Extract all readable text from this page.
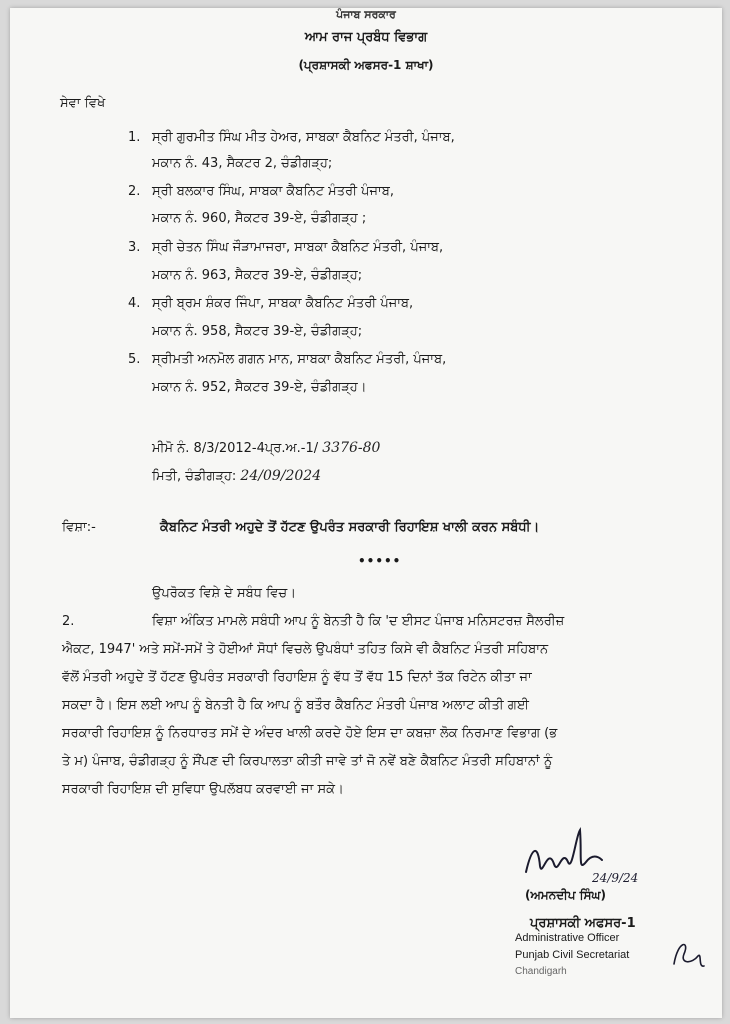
ਪੰਜਾਬ ਸਰਕਾਰ
ਆਮ ਰਾਜ ਪ੍ਰਬੰਧ ਵਿਭਾਗ
(ਪ੍ਰਸ਼ਾਸਕੀ ਅਫਸਰ-1 ਸ਼ਾਖਾ)
ਸੇਵਾ ਵਿਖੇ
1. ਸ੍ਰੀ ਗੁਰਮੀਤ ਸਿੰਘ ਮੀਤ ਹੇਅਰ, ਸਾਬਕਾ ਕੈਬਨਿਟ ਮੰਤਰੀ, ਪੰਜਾਬ,
ਮਕਾਨ ਨੰ. 43, ਸੈਕਟਰ 2, ਚੰਡੀਗੜ੍ਹ;
2. ਸ੍ਰੀ ਬਲਕਾਰ ਸਿੰਘ, ਸਾਬਕਾ ਕੈਬਨਿਟ ਮੰਤਰੀ ਪੰਜਾਬ,
ਮਕਾਨ ਨੰ. 960, ਸੈਕਟਰ 39-ਏ, ਚੰਡੀਗੜ੍ਹ ;
3. ਸ੍ਰੀ ਚੇਤਨ ਸਿੰਘ ਜੌੜਾਮਾਜਰਾ, ਸਾਬਕਾ ਕੈਬਨਿਟ ਮੰਤਰੀ, ਪੰਜਾਬ,
ਮਕਾਨ ਨੰ. 963, ਸੈਕਟਰ 39-ਏ, ਚੰਡੀਗੜ੍ਹ;
4. ਸ੍ਰੀ ਬ੍ਰਮ ਸ਼ੰਕਰ ਜਿੰਪਾ, ਸਾਬਕਾ ਕੈਬਨਿਟ ਮੰਤਰੀ ਪੰਜਾਬ,
ਮਕਾਨ ਨੰ. 958, ਸੈਕਟਰ 39-ਏ, ਚੰਡੀਗੜ੍ਹ;
5. ਸ੍ਰੀਮਤੀ ਅਨਮੋਲ ਗਗਨ ਮਾਨ, ਸਾਬਕਾ ਕੈਬਨਿਟ ਮੰਤਰੀ, ਪੰਜਾਬ,
ਮਕਾਨ ਨੰ. 952, ਸੈਕਟਰ 39-ਏ, ਚੰਡੀਗੜ੍ਹ।
ਮੀਮੋ ਨੰ. 8/3/2012-4ਪ੍ਰ.ਅ.-1/ 3376-80
ਮਿਤੀ, ਚੰਡੀਗੜ੍ਹ: 24/09/2024
ਵਿਸ਼ਾ:-	ਕੈਬਨਿਟ ਮੰਤਰੀ ਅਹੁਦੇ ਤੋਂ ਹੱਟਣ ਉਪਰੰਤ ਸਰਕਾਰੀ ਰਿਹਾਇਸ਼ ਖਾਲੀ ਕਰਨ ਸਬੰਧੀ।
•••••
ਉਪਰੋਕਤ ਵਿਸ਼ੇ ਦੇ ਸਬੰਧ ਵਿਚ।
2.	ਵਿਸ਼ਾ ਅੰਕਿਤ ਮਾਮਲੇ ਸਬੰਧੀ ਆਪ ਨੂੰ ਬੇਨਤੀ ਹੈ ਕਿ 'ਦ ਈਸਟ ਪੰਜਾਬ ਮਨਿਸਟਰਜ਼ ਸੈਲਰੀਜ਼
ਐਕਟ, 1947' ਅਤੇ ਸਮੇਂ-ਸਮੇਂ ਤੇ ਹੋਈਆਂ ਸੋਧਾਂ ਵਿਚਲੇ ਉਪਬੰਧਾਂ ਤਹਿਤ ਕਿਸੇ ਵੀ ਕੈਬਨਿਟ ਮੰਤਰੀ ਸਹਿਬਾਨ
ਵੱਲੋਂ ਮੰਤਰੀ ਅਹੁਦੇ ਤੋਂ ਹੱਟਣ ਉਪਰੰਤ ਸਰਕਾਰੀ ਰਿਹਾਇਸ਼ ਨੂੰ ਵੱਧ ਤੋਂ ਵੱਧ 15 ਦਿਨਾਂ ਤੱਕ ਰਿਟੇਨ ਕੀਤਾ ਜਾ
ਸਕਦਾ ਹੈ। ਇਸ ਲਈ ਆਪ ਨੂੰ ਬੇਨਤੀ ਹੈ ਕਿ ਆਪ ਨੂੰ ਬਤੌਰ ਕੈਬਨਿਟ ਮੰਤਰੀ ਪੰਜਾਬ ਅਲਾਟ ਕੀਤੀ ਗਈ
ਸਰਕਾਰੀ ਰਿਹਾਇਸ਼ ਨੂੰ ਨਿਰਧਾਰਤ ਸਮੇਂ ਦੇ ਅੰਦਰ ਖਾਲੀ ਕਰਦੇ ਹੋਏ ਇਸ ਦਾ ਕਬਜ਼ਾ ਲੋਕ ਨਿਰਮਾਣ ਵਿਭਾਗ (ਭ
ਤੇ ਮ) ਪੰਜਾਬ, ਚੰਡੀਗੜ੍ਹ ਨੂੰ ਸੌਂਪਣ ਦੀ ਕਿਰਪਾਲਤਾ ਕੀਤੀ ਜਾਵੇ ਤਾਂ ਜੋ ਨਵੇਂ ਬਣੇ ਕੈਬਨਿਟ ਮੰਤਰੀ ਸਹਿਬਾਨਾਂ ਨੂੰ
ਸਰਕਾਰੀ ਰਿਹਾਇਸ਼ ਦੀ ਸੁਵਿਧਾ ਉਪਲੱਬਧ ਕਰਵਾਈ ਜਾ ਸਕੇ।
24/9/24
(ਅਮਨਦੀਪ ਸਿੰਘ)
ਪ੍ਰਸ਼ਾਸਕੀ ਅਫਸਰ-1
Administrative Officer
Punjab Civil Secretariat
Chandigarh
